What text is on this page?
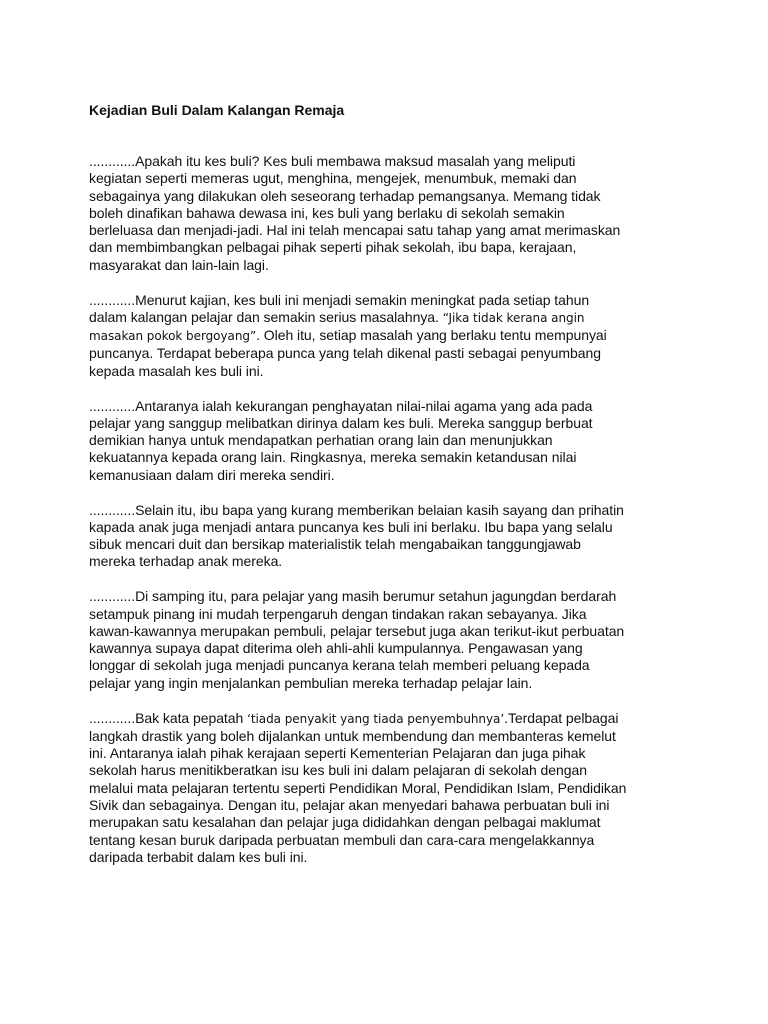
Kejadian Buli Dalam Kalangan Remaja
............Apakah itu kes buli? Kes buli membawa maksud masalah yang meliputi
kegiatan seperti memeras ugut, menghina, mengejek, menumbuk, memaki dan
sebagainya yang dilakukan oleh seseorang terhadap pemangsanya. Memang tidak
boleh dinafikan bahawa dewasa ini, kes buli yang berlaku di sekolah semakin
berleluasa dan menjadi-jadi. Hal ini telah mencapai satu tahap yang amat merimaskan
dan membimbangkan pelbagai pihak seperti pihak sekolah, ibu bapa, kerajaan,
masyarakat dan lain-lain lagi.
............Menurut kajian, kes buli ini menjadi semakin meningkat pada setiap tahun
dalam kalangan pelajar dan semakin serius masalahnya. “Jika tidak kerana angin
masakan pokok bergoyang”. Oleh itu, setiap masalah yang berlaku tentu mempunyai
puncanya. Terdapat beberapa punca yang telah dikenal pasti sebagai penyumbang
kepada masalah kes buli ini.
............Antaranya ialah kekurangan penghayatan nilai-nilai agama yang ada pada
pelajar yang sanggup melibatkan dirinya dalam kes buli. Mereka sanggup berbuat
demikian hanya untuk mendapatkan perhatian orang lain dan menunjukkan
kekuatannya kepada orang lain. Ringkasnya, mereka semakin ketandusan nilai
kemanusiaan dalam diri mereka sendiri.
............Selain itu, ibu bapa yang kurang memberikan belaian kasih sayang dan prihatin
kapada anak juga menjadi antara puncanya kes buli ini berlaku. Ibu bapa yang selalu
sibuk mencari duit dan bersikap materialistik telah mengabaikan tanggungjawab
mereka terhadap anak mereka.
............Di samping itu, para pelajar yang masih berumur setahun jagungdan berdarah
setampuk pinang ini mudah terpengaruh dengan tindakan rakan sebayanya. Jika
kawan-kawannya merupakan pembuli, pelajar tersebut juga akan terikut-ikut perbuatan
kawannya supaya dapat diterima oleh ahli-ahli kumpulannya. Pengawasan yang
longgar di sekolah juga menjadi puncanya kerana telah memberi peluang kepada
pelajar yang ingin menjalankan pembulian mereka terhadap pelajar lain.
............Bak kata pepatah ‘tiada penyakit yang tiada penyembuhnya’.Terdapat pelbagai
langkah drastik yang boleh dijalankan untuk membendung dan membanteras kemelut
ini. Antaranya ialah pihak kerajaan seperti Kementerian Pelajaran dan juga pihak
sekolah harus menitikberatkan isu kes buli ini dalam pelajaran di sekolah dengan
melalui mata pelajaran tertentu seperti Pendidikan Moral, Pendidikan Islam, Pendidikan
Sivik dan sebagainya. Dengan itu, pelajar akan menyedari bahawa perbuatan buli ini
merupakan satu kesalahan dan pelajar juga dididahkan dengan pelbagai maklumat
tentang kesan buruk daripada perbuatan membuli dan cara-cara mengelakkannya
daripada terbabit dalam kes buli ini.
